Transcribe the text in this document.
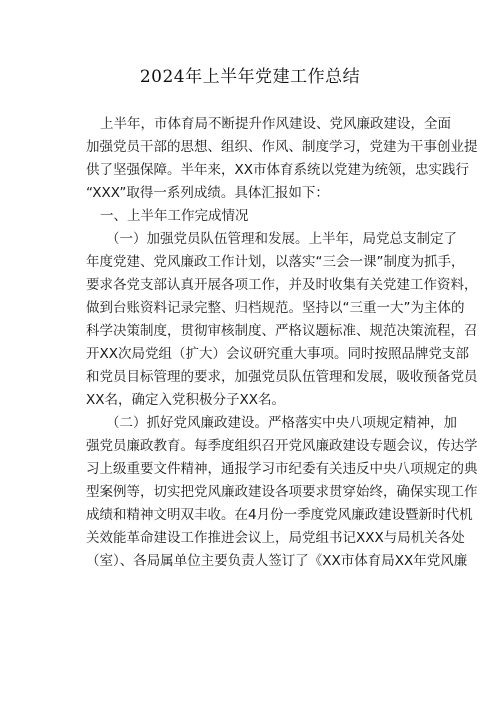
2024年上半年党建工作总结
上半年，市体育局不断提升作风建设、党风廉政建设，全面
加强党员干部的思想、组织、作风、制度学习，党建为干事创业提
供了坚强保障。半年来，XX市体育系统以党建为统领，忠实践行
“XXX”取得一系列成绩。具体汇报如下：
一、上半年工作完成情况
（一）加强党员队伍管理和发展。上半年，局党总支制定了
年度党建、党风廉政工作计划，以落实“三会一课”制度为抓手，
要求各党支部认真开展各项工作，并及时收集有关党建工作资料，
做到台账资料记录完整、归档规范。坚持以“三重一大”为主体的
科学决策制度，贯彻审核制度、严格议题标准、规范决策流程，召
开XX次局党组（扩大）会议研究重大事项。同时按照品牌党支部
和党员目标管理的要求，加强党员队伍管理和发展，吸收预备党员
XX名，确定入党积极分子XX名。
（二）抓好党风廉政建设。严格落实中央八项规定精神，加
强党员廉政教育。每季度组织召开党风廉政建设专题会议，传达学
习上级重要文件精神，通报学习市纪委有关违反中央八项规定的典
型案例等，切实把党风廉政建设各项要求贯穿始终，确保实现工作
成绩和精神文明双丰收。在4月份一季度党风廉政建设暨新时代机
关效能革命建设工作推进会议上，局党组书记XXX与局机关各处
（室）、各局属单位主要负责人签订了《XX市体育局XX年党风廉
